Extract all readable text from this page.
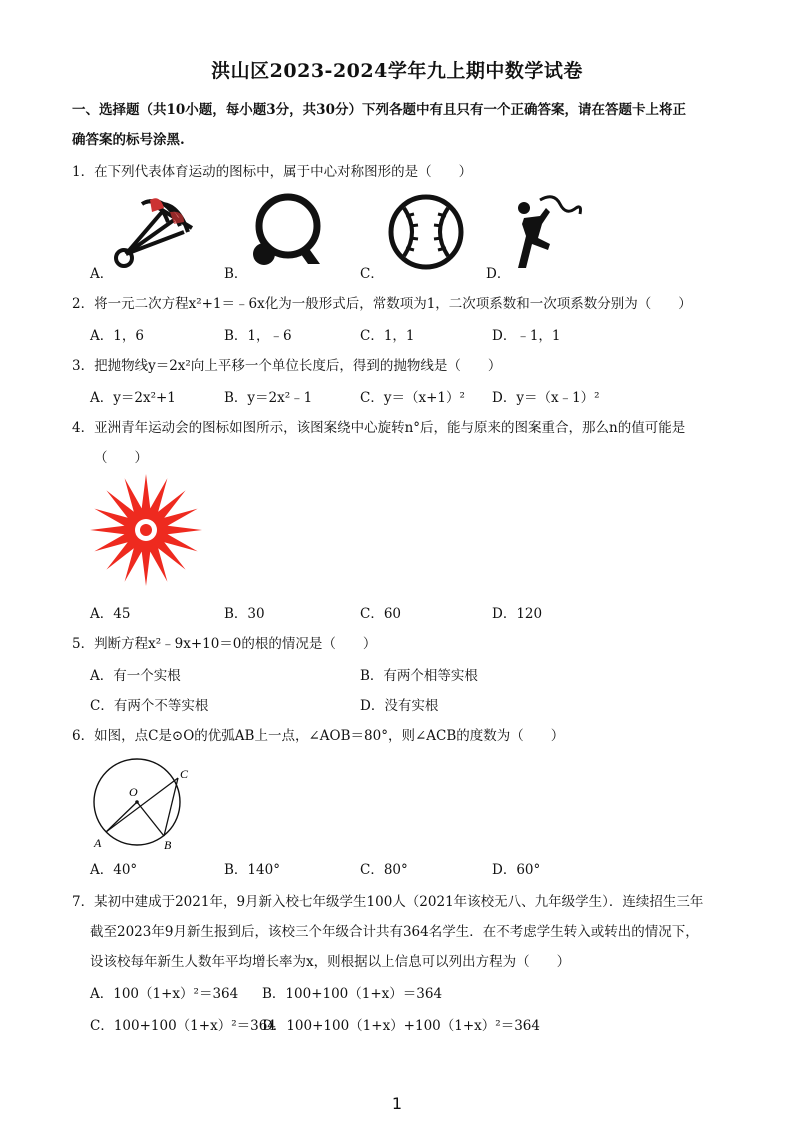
洪山区2023-2024学年九上期中数学试卷
一、选择题（共10小题，每小题3分，共30分）下列各题中有且只有一个正确答案，请在答题卡上将正
确答案的标号涂黑.
1．在下列代表体育运动的图标中，属于中心对称图形的是（　　）
A．	B．	C．	D．
2．将一元二次方程x²+1＝﹣6x化为一般形式后，常数项为1，二次项系数和一次项系数分别为（　　）
A．1，6	B．1，﹣6	C．1，1	D．﹣1，1
3．把抛物线y＝2x²向上平移一个单位长度后，得到的抛物线是（　　）
A．y＝2x²+1	B．y＝2x²﹣1	C．y＝（x+1）² D．y＝（x﹣1）²
4．亚洲青年运动会的图标如图所示，该图案绕中心旋转n°后，能与原来的图案重合，那么n的值可能是
（　　）
A．45	B．30	C．60	D．120
5．判断方程x²﹣9x+10＝0的根的情况是（　　）
A．有一个实根	B．有两个相等实根
C．有两个不等实根	D．没有实根
6．如图，点C是⊙O的优弧AB上一点，∠AOB＝80°，则∠ACB的度数为（　　）
O
A	B
C
A．40°	B．140°	C．80°	D．60°
7．某初中建成于2021年，9月新入校七年级学生100人（2021年该校无八、九年级学生）．连续招生三年
截至2023年9月新生报到后，该校三个年级合计共有364名学生．在不考虑学生转入或转出的情况下，
设该校每年新生人数年平均增长率为x，则根据以上信息可以列出方程为（　　）
A．100（1+x）²＝364 B．100+100（1+x）＝364
C．100+100（1+x）²＝364
D．100+100（1+x）+100（1+x）²＝364
1
